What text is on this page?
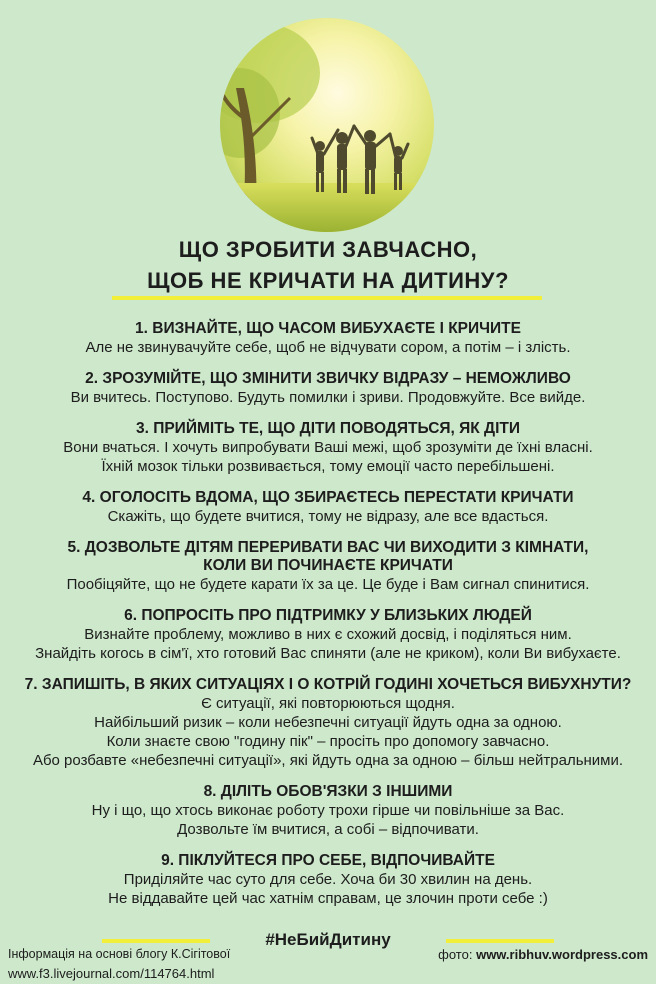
ЩО ЗРОБИТИ ЗАВЧАСНО,
ЩОБ НЕ КРИЧАТИ НА ДИТИНУ?
1. ВИЗНАЙТЕ, ЩО ЧАСОМ ВИБУХАЄТЕ І КРИЧИТЕ
Але не звинувачуйте себе, щоб не відчувати сором, а потім – і злість.
2. ЗРОЗУМІЙТЕ, ЩО ЗМІНИТИ ЗВИЧКУ ВІДРАЗУ – НЕМОЖЛИВО
Ви вчитесь. Поступово. Будуть помилки і зриви. Продовжуйте. Все вийде.
3. ПРИЙМІТЬ ТЕ, ЩО ДІТИ ПОВОДЯТЬСЯ, ЯК ДІТИ
Вони вчаться. І хочуть випробувати Ваші межі, щоб зрозуміти де їхні власні.
Їхній мозок тільки розвивається, тому емоції часто перебільшені.
4. ОГОЛОСІТЬ ВДОМА, ЩО ЗБИРАЄТЕСЬ ПЕРЕСТАТИ КРИЧАТИ
Скажіть, що будете вчитися, тому не відразу, але все вдасться.
5. ДОЗВОЛЬТЕ ДІТЯМ ПЕРЕРИВАТИ ВАС ЧИ ВИХОДИТИ З КІМНАТИ,
КОЛИ ВИ ПОЧИНАЄТЕ КРИЧАТИ
Пообіцяйте, що не будете карати їх за це. Це буде і Вам сигнал спинитися.
6. ПОПРОСІТЬ ПРО ПІДТРИМКУ У БЛИЗЬКИХ ЛЮДЕЙ
Визнайте проблему, можливо в них є схожий досвід, і поділяться ним.
Знайдіть когось в сім'ї, хто готовий Вас спиняти (але не криком), коли Ви вибухаєте.
7. ЗАПИШІТЬ, В ЯКИХ СИТУАЦІЯХ І О КОТРІЙ ГОДИНІ ХОЧЕТЬСЯ ВИБУХНУТИ?
Є ситуації, які повторюються щодня.
Найбільший ризик – коли небезпечні ситуації йдуть одна за одною.
Коли знаєте свою "годину пік" – просіть про допомогу завчасно.
Або розбавте «небезпечні ситуації», які йдуть одна за одною – більш нейтральними.
8. ДІЛІТЬ ОБОВ'ЯЗКИ З ІНШИМИ
Ну і що, що хтось виконає роботу трохи гірше чи повільніше за Вас.
Дозвольте їм вчитися, а собі – відпочивати.
9. ПІКЛУЙТЕСЯ ПРО СЕБЕ, ВІДПОЧИВАЙТЕ
Приділяйте час суто для себе. Хоча би 30 хвилин на день.
Не віддавайте цей час хатнім справам, це злочин проти себе :)
#НеБийДитину
Інформація на основі блогу К.Сігітової
www.f3.livejournal.com/114764.html
фото: www.ribhuv.wordpress.com
